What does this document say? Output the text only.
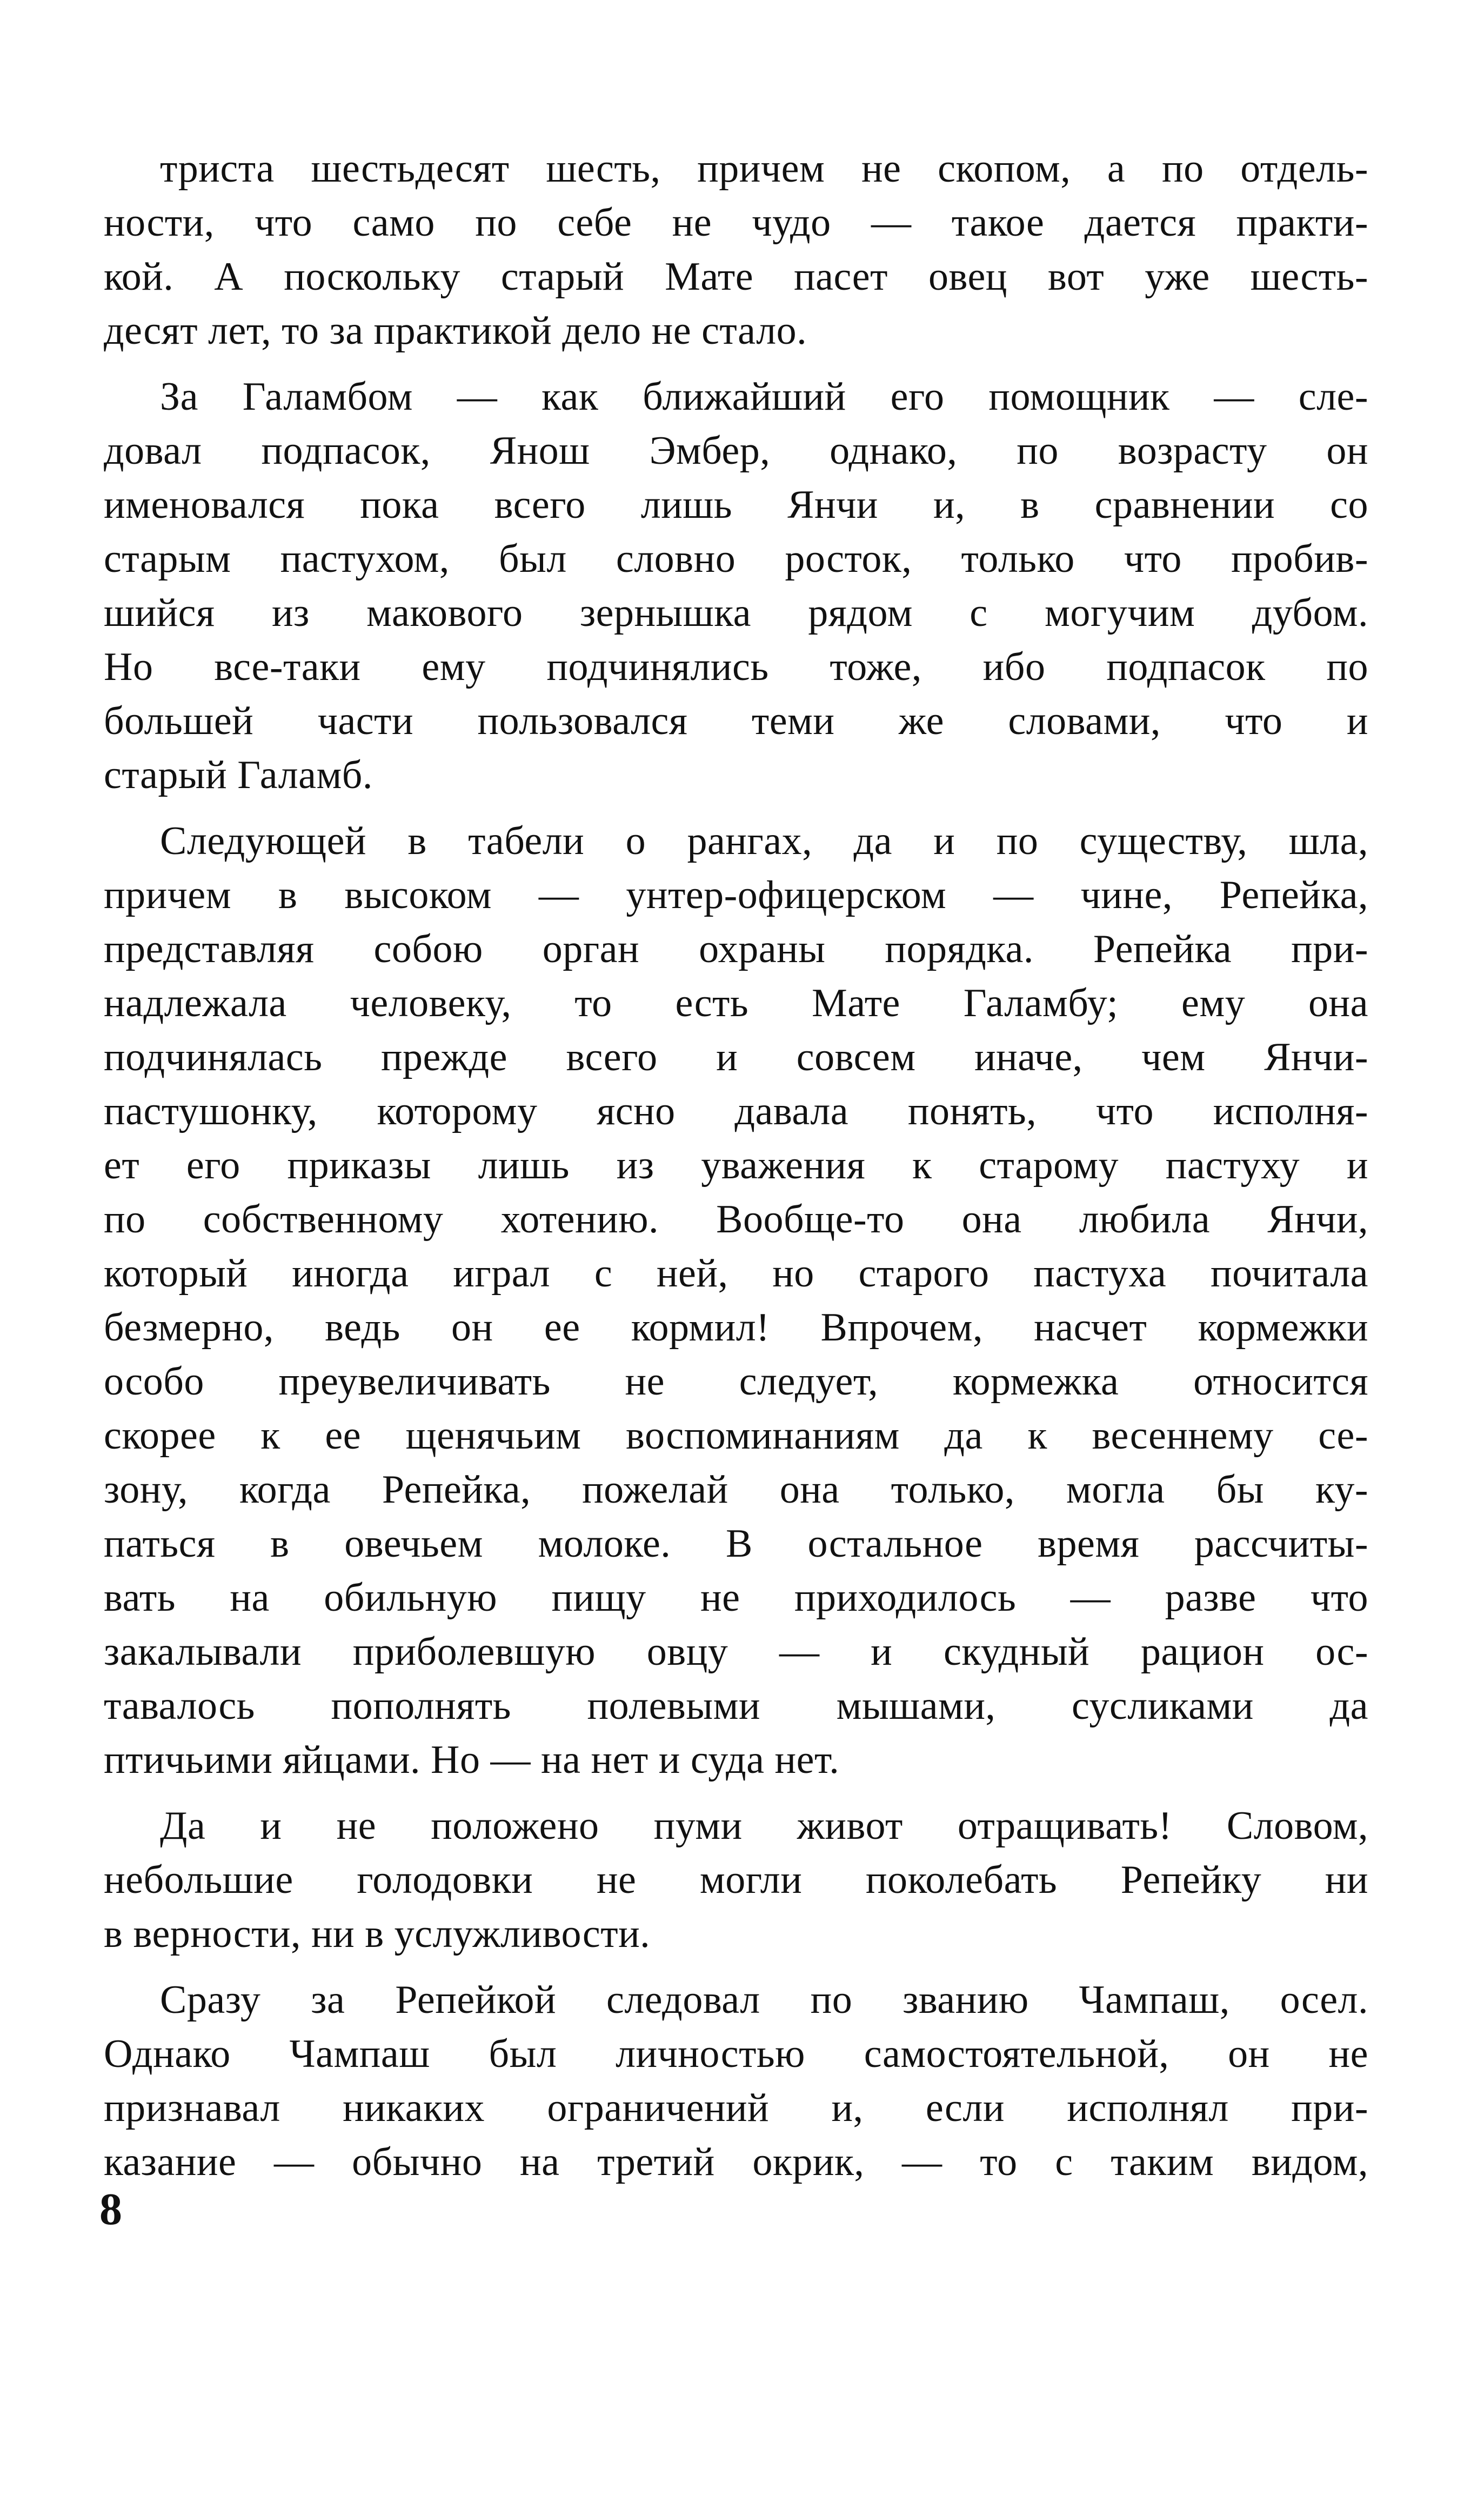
триста шестьдесят шесть, причем не скопом, а по отдель-
ности, что само по себе не чудо — такое дается практи-
кой. А поскольку старый Мате пасет овец вот уже шесть-
десят лет, то за практикой дело не стало.

За Галамбом — как ближайший его помощник — сле-
довал подпасок, Янош Эмбер, однако, по возрасту он
именовался пока всего лишь Янчи и, в сравнении со
старым пастухом, был словно росток, только что пробив-
шийся из макового зернышка рядом с могучим дубом.
Но все-таки ему подчинялись тоже, ибо подпасок по
большей части пользовался теми же словами, что и
старый Галамб.

Следующей в табели о рангах, да и по существу, шла,
причем в высоком — унтер-офицерском — чине, Репейка,
представляя собою орган охраны порядка. Репейка при-
надлежала человеку, то есть Мате Галамбу; ему она
подчинялась прежде всего и совсем иначе, чем Янчи-
пастушонку, которому ясно давала понять, что исполня-
ет его приказы лишь из уважения к старому пастуху и
по собственному хотению. Вообще-то она любила Янчи,
который иногда играл с ней, но старого пастуха почитала
безмерно, ведь он ее кормил! Впрочем, насчет кормежки
особо преувеличивать не следует, кормежка относится
скорее к ее щенячьим воспоминаниям да к весеннему се-
зону, когда Репейка, пожелай она только, могла бы ку-
паться в овечьем молоке. В остальное время рассчиты-
вать на обильную пищу не приходилось — разве что
закалывали приболевшую овцу — и скудный рацион ос-
тавалось пополнять полевыми мышами, сусликами да
птичьими яйцами. Но — на нет и суда нет.

Да и не положено пуми живот отращивать! Словом,
небольшие голодовки не могли поколебать Репейку ни
в верности, ни в услужливости.

Сразу за Репейкой следовал по званию Чампаш, осел.
Однако Чампаш был личностью самостоятельной, он не
признавал никаких ограничений и, если исполнял при-
казание — обычно на третий окрик, — то с таким видом,

8
